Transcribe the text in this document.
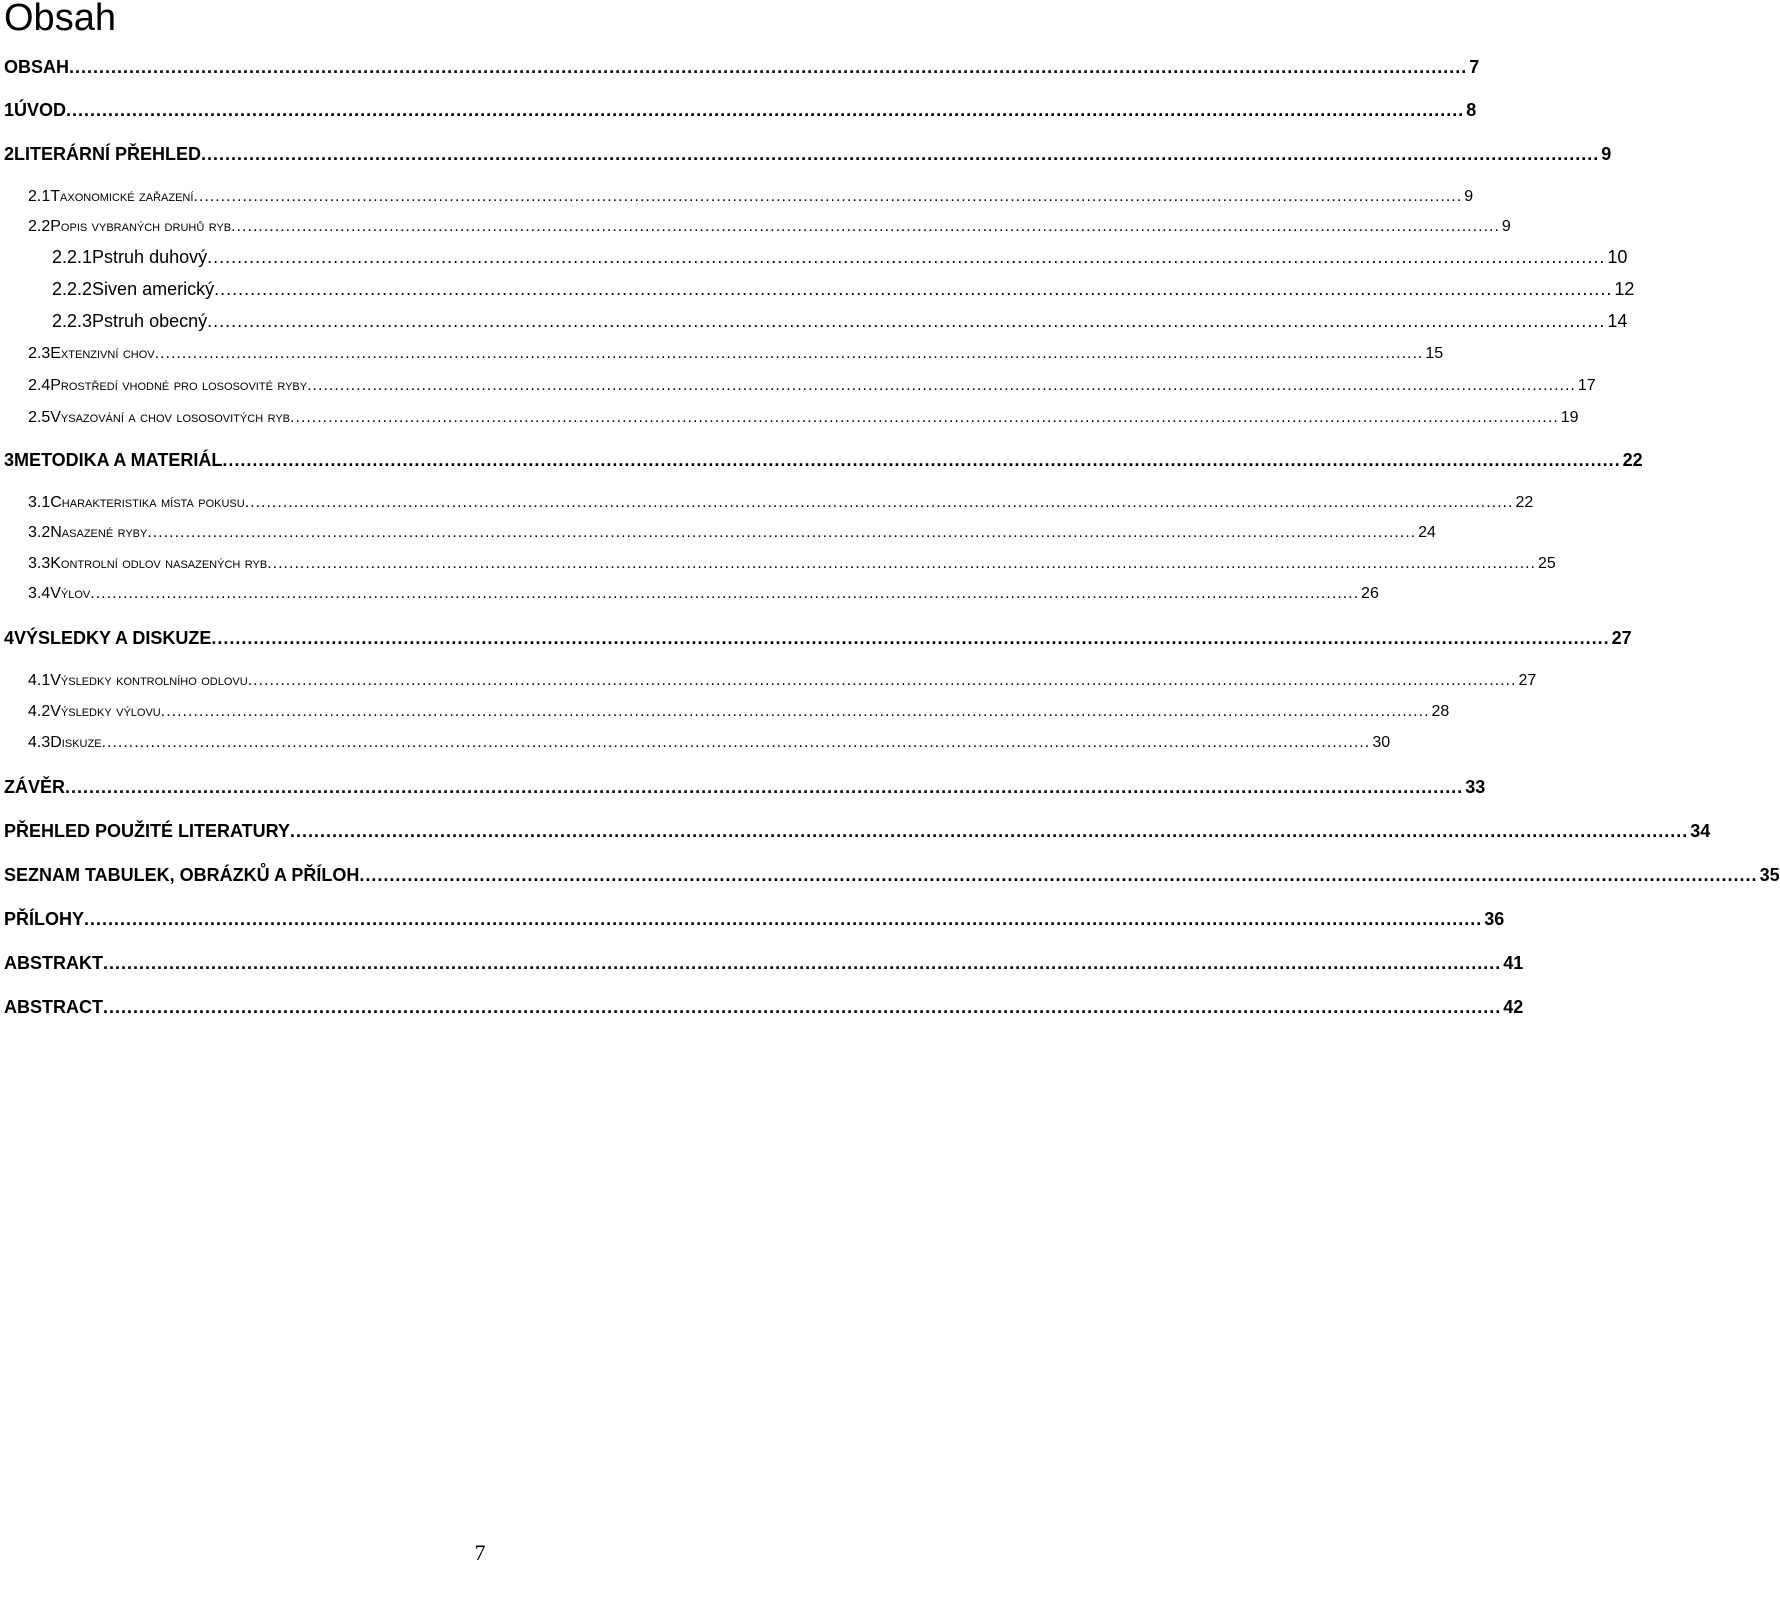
Obsah
OBSAH ......................................................................................................................................................................................................................................... 7
1 ÚVOD ......................................................................................................................................................................................................................................... 8
2 LITERÁRNÍ PŘEHLED ......................................................................................................................................................................................................................................... 9
2.1 Taxonomické zařazení ......................................................................................................................................................................................................................................... 9
2.2 Popis vybraných druhů ryb ......................................................................................................................................................................................................................................... 9
2.2.1 Pstruh duhový ......................................................................................................................................................................................................................................... 10
2.2.2 Siven americký ......................................................................................................................................................................................................................................... 12
2.2.3 Pstruh obecný ......................................................................................................................................................................................................................................... 14
2.3 Extenzivní chov ......................................................................................................................................................................................................................................... 15
2.4 Prostředí vhodné pro lososovité ryby ......................................................................................................................................................................................................................................... 17
2.5 Vysazování a chov lososovitých ryb ......................................................................................................................................................................................................................................... 19
3 METODIKA A MATERIÁL ......................................................................................................................................................................................................................................... 22
3.1 Charakteristika místa pokusu ......................................................................................................................................................................................................................................... 22
3.2 Nasazené ryby ......................................................................................................................................................................................................................................... 24
3.3 Kontrolní odlov nasazených ryb ......................................................................................................................................................................................................................................... 25
3.4 Výlov ......................................................................................................................................................................................................................................... 26
4 VÝSLEDKY A DISKUZE ......................................................................................................................................................................................................................................... 27
4.1 Výsledky kontrolního odlovu ......................................................................................................................................................................................................................................... 27
4.2 Výsledky výlovu ......................................................................................................................................................................................................................................... 28
4.3 Diskuze ......................................................................................................................................................................................................................................... 30
ZÁVĚR ......................................................................................................................................................................................................................................... 33
PŘEHLED POUŽITÉ LITERATURY ......................................................................................................................................................................................................................................... 34
SEZNAM TABULEK, OBRÁZKŮ A PŘÍLOH ......................................................................................................................................................................................................................................... 35
PŘÍLOHY ......................................................................................................................................................................................................................................... 36
ABSTRAKT ......................................................................................................................................................................................................................................... 41
ABSTRACT ......................................................................................................................................................................................................................................... 42
7
